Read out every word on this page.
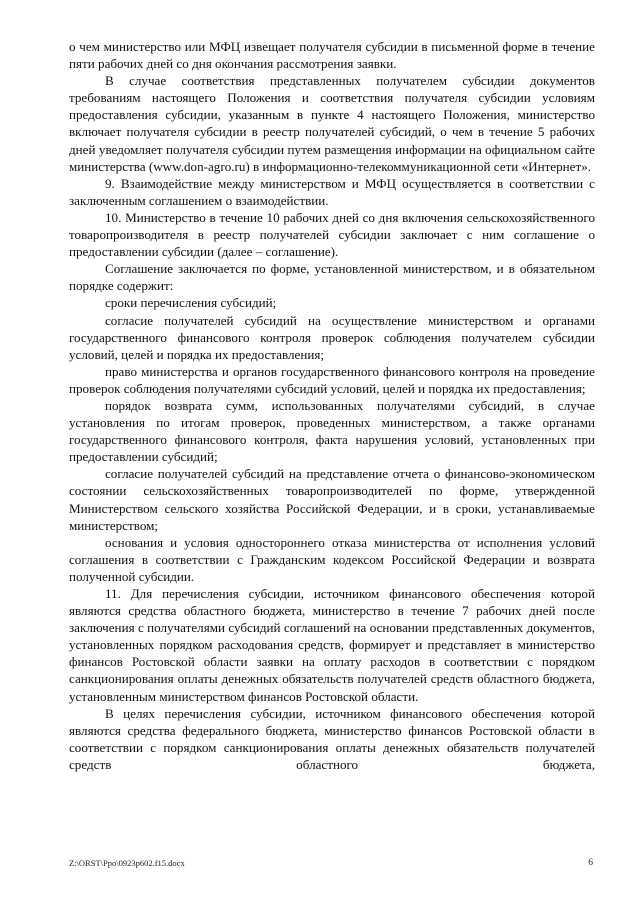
о чем министерство или МФЦ извещает получателя субсидии в письменной форме в течение пяти рабочих дней со дня окончания рассмотрения заявки.

В случае соответствия представленных получателем субсидии документов требованиям настоящего Положения и соответствия получателя субсидии условиям предоставления субсидии, указанным в пункте 4 настоящего Положения, министерство включает получателя субсидии в реестр получателей субсидий, о чем в течение 5 рабочих дней уведомляет получателя субсидии путем размещения информации на официальном сайте министерства (www.don-agro.ru) в информационно-телекоммуникационной сети «Интернет».

9. Взаимодействие между министерством и МФЦ осуществляется в соответствии с заключенным соглашением о взаимодействии.

10. Министерство в течение 10 рабочих дней со дня включения сельскохозяйственного товаропроизводителя в реестр получателей субсидии заключает с ним соглашение о предоставлении субсидии (далее – соглашение).

Соглашение заключается по форме, установленной министерством, и в обязательном порядке содержит:

сроки перечисления субсидий;

согласие получателей субсидий на осуществление министерством и органами государственного финансового контроля проверок соблюдения получателем субсидии условий, целей и порядка их предоставления;

право министерства и органов государственного финансового контроля на проведение проверок соблюдения получателями субсидий условий, целей и порядка их предоставления;

порядок возврата сумм, использованных получателями субсидий, в случае установления по итогам проверок, проведенных министерством, а также органами государственного финансового контроля, факта нарушения условий, установленных при предоставлении субсидий;

согласие получателей субсидий на представление отчета о финансово-экономическом состоянии сельскохозяйственных товаропроизводителей по форме, утвержденной Министерством сельского хозяйства Российской Федерации, и в сроки, устанавливаемые министерством;

основания и условия одностороннего отказа министерства от исполнения условий соглашения в соответствии с Гражданским кодексом Российской Федерации и возврата полученной субсидии.

11. Для перечисления субсидии, источником финансового обеспечения которой являются средства областного бюджета, министерство в течение 7 рабочих дней после заключения с получателями субсидий соглашений на основании представленных документов, установленных порядком расходования средств, формирует и представляет в министерство финансов Ростовской области заявки на оплату расходов в соответствии с порядком санкционирования оплаты денежных обязательств получателей средств областного бюджета, установленным министерством финансов Ростовской области.

В целях перечисления субсидии, источником финансового обеспечения которой являются средства федерального бюджета, министерство финансов Ростовской области в соответствии с порядком санкционирования оплаты денежных обязательств получателей средств областного бюджета,

Z:\ORST\Ppo\0923p602.f15.docx	6
